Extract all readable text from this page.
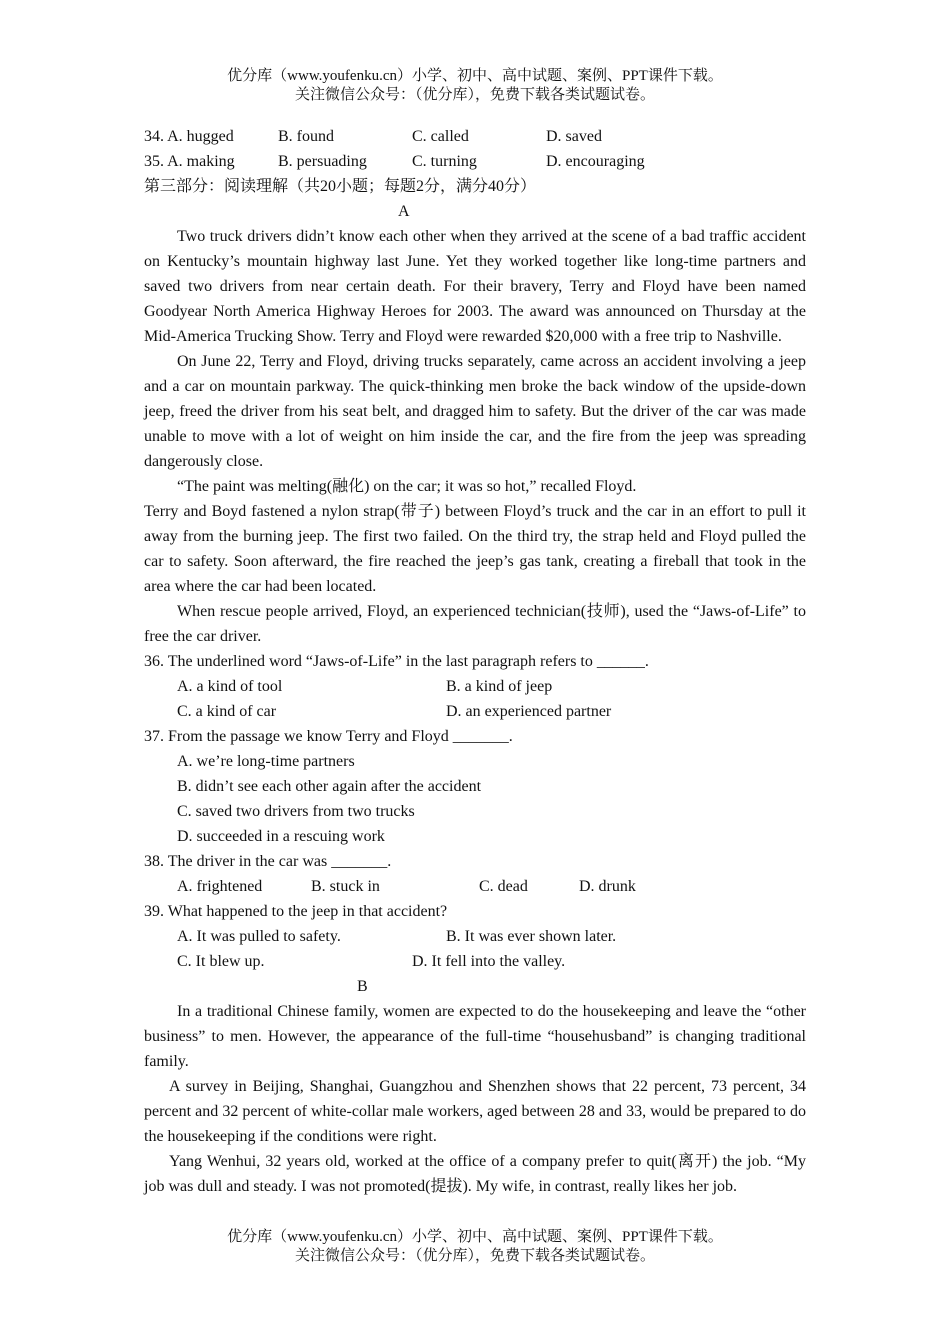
优分库（www.youfenku.cn）小学、初中、高中试题、案例、PPT课件下载。
关注微信公众号：（优分库），免费下载各类试题试卷。
34. A. hugged	B. found	C. called	D. saved
35. A. making	B. persuading	C. turning	D. encouraging
第三部分：阅读理解（共20小题；每题2分，满分40分）
A

Two truck drivers didn’t know each other when they arrived at the scene of a bad traffic accident on Kentucky’s mountain highway last June. Yet they worked together like long-time partners and saved two drivers from near certain death. For their bravery, Terry and Floyd have been named Goodyear North America Highway Heroes for 2003. The award was announced on Thursday at the Mid-America Trucking Show. Terry and Floyd were rewarded $20,000 with a free trip to Nashville.

On June 22, Terry and Floyd, driving trucks separately, came across an accident involving a jeep and a car on mountain parkway. The quick-thinking men broke the back window of the upside-down jeep, freed the driver from his seat belt, and dragged him to safety. But the driver of the car was made unable to move with a lot of weight on him inside the car, and the fire from the jeep was spreading dangerously close.

“The paint was melting(融化) on the car; it was so hot,” recalled Floyd.

Terry and Boyd fastened a nylon strap(带子) between Floyd’s truck and the car in an effort to pull it away from the burning jeep. The first two failed. On the third try, the strap held and Floyd pulled the car to safety. Soon afterward, the fire reached the jeep’s gas tank, creating a fireball that took in the area where the car had been located.

When rescue people arrived, Floyd, an experienced technician(技师), used the “Jaws-of-Life” to free the car driver.

36. The underlined word “Jaws-of-Life” in the last paragraph refers to ______.
A. a kind of tool	B. a kind of jeep
C. a kind of car	D. an experienced partner
37. From the passage we know Terry and Floyd _______.
A. we’re long-time partners
B. didn’t see each other again after the accident
C. saved two drivers from two trucks
D. succeeded in a rescuing work
38. The driver in the car was _______.
A. frightened	B. stuck in	C. dead	D. drunk
39. What happened to the jeep in that accident?
A. It was pulled to safety.	B. It was ever shown later.
C. It blew up.	D. It fell into the valley.
B

In a traditional Chinese family, women are expected to do the housekeeping and leave the “other business” to men. However, the appearance of the full-time “househusband” is changing traditional family.

A survey in Beijing, Shanghai, Guangzhou and Shenzhen shows that 22 percent, 73 percent, 34 percent and 32 percent of white-collar male workers, aged between 28 and 33, would be prepared to do the housekeeping if the conditions were right.

Yang Wenhui, 32 years old, worked at the office of a company prefer to quit(离开) the job. “My job was dull and steady. I was not promoted(提拔). My wife, in contrast, really likes her job.

优分库（www.youfenku.cn）小学、初中、高中试题、案例、PPT课件下载。
关注微信公众号：（优分库），免费下载各类试题试卷。
